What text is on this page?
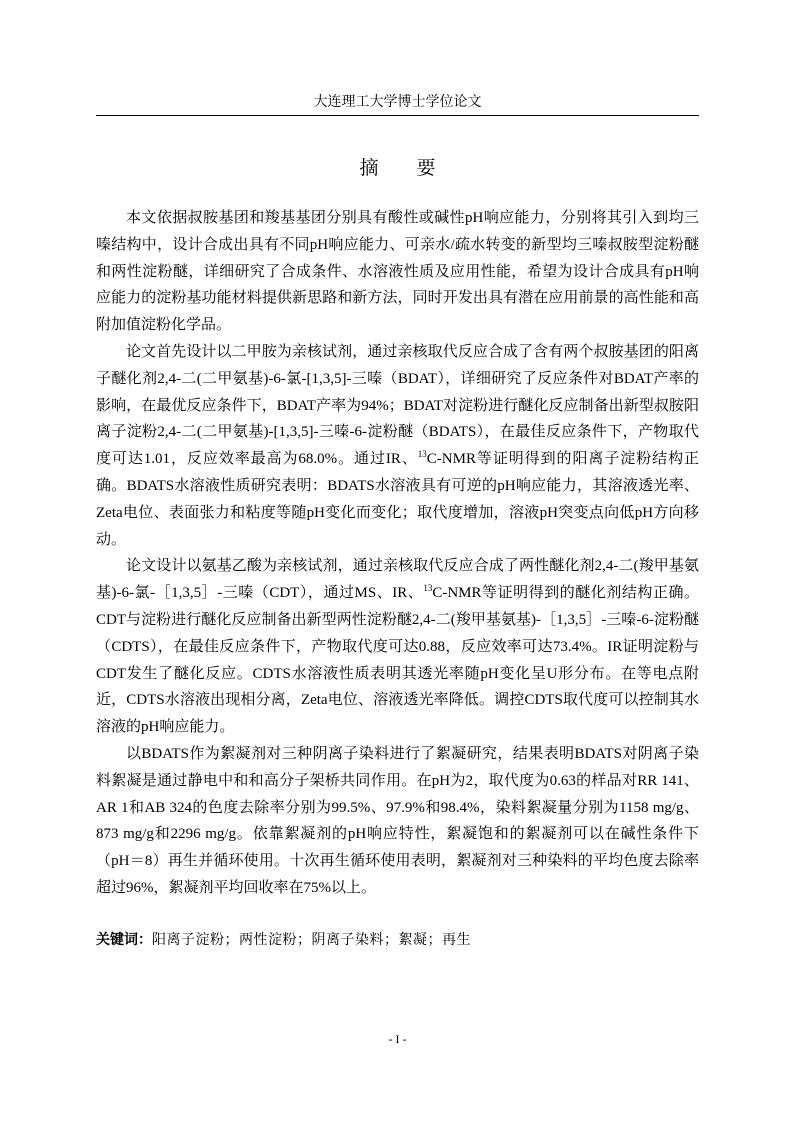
大连理工大学博士学位论文
摘　　要

本文依据叔胺基团和羧基基团分别具有酸性或碱性pH响应能力，分别将其引入到均三嗪结构中，设计合成出具有不同pH响应能力、可亲水/疏水转变的新型均三嗪叔胺型淀粉醚和两性淀粉醚，详细研究了合成条件、水溶液性质及应用性能，希望为设计合成具有pH响应能力的淀粉基功能材料提供新思路和新方法，同时开发出具有潜在应用前景的高性能和高附加值淀粉化学品。

论文首先设计以二甲胺为亲核试剂，通过亲核取代反应合成了含有两个叔胺基团的阳离子醚化剂2,4-二(二甲氨基)-6-氯-[1,3,5]-三嗪（BDAT），详细研究了反应条件对BDAT产率的影响，在最优反应条件下，BDAT产率为94%；BDAT对淀粉进行醚化反应制备出新型叔胺阳离子淀粉2,4-二(二甲氨基)-[1,3,5]-三嗪-6-淀粉醚（BDATS），在最佳反应条件下，产物取代度可达1.01，反应效率最高为68.0%。通过IR、$^{13}$C-NMR等证明得到的阳离子淀粉结构正确。BDATS水溶液性质研究表明：BDATS水溶液具有可逆的pH响应能力，其溶液透光率、Zeta电位、表面张力和粘度等随pH变化而变化；取代度增加，溶液pH突变点向低pH方向移动。

论文设计以氨基乙酸为亲核试剂，通过亲核取代反应合成了两性醚化剂2,4-二(羧甲基氨基)-6-氯-［1,3,5］-三嗪（CDT），通过MS、IR、$^{13}$C-NMR等证明得到的醚化剂结构正确。CDT与淀粉进行醚化反应制备出新型两性淀粉醚2,4-二(羧甲基氨基)-［1,3,5］-三嗪-6-淀粉醚（CDTS），在最佳反应条件下，产物取代度可达0.88，反应效率可达73.4%。IR证明淀粉与CDT发生了醚化反应。CDTS水溶液性质表明其透光率随pH变化呈U形分布。在等电点附近，CDTS水溶液出现相分离，Zeta电位、溶液透光率降低。调控CDTS取代度可以控制其水溶液的pH响应能力。

以BDATS作为絮凝剂对三种阴离子染料进行了絮凝研究，结果表明BDATS对阴离子染料絮凝是通过静电中和和高分子架桥共同作用。在pH为2，取代度为0.63的样品对RR 141、AR 1和AB 324的色度去除率分别为99.5%、97.9%和98.4%，染料絮凝量分别为1158 mg/g、873 mg/g和2296 mg/g。依靠絮凝剂的pH响应特性，絮凝饱和的絮凝剂可以在碱性条件下（pH＝8）再生并循环使用。十次再生循环使用表明，絮凝剂对三种染料的平均色度去除率超过96%，絮凝剂平均回收率在75%以上。

关键词：阳离子淀粉；两性淀粉；阴离子染料；絮凝；再生
- I -
